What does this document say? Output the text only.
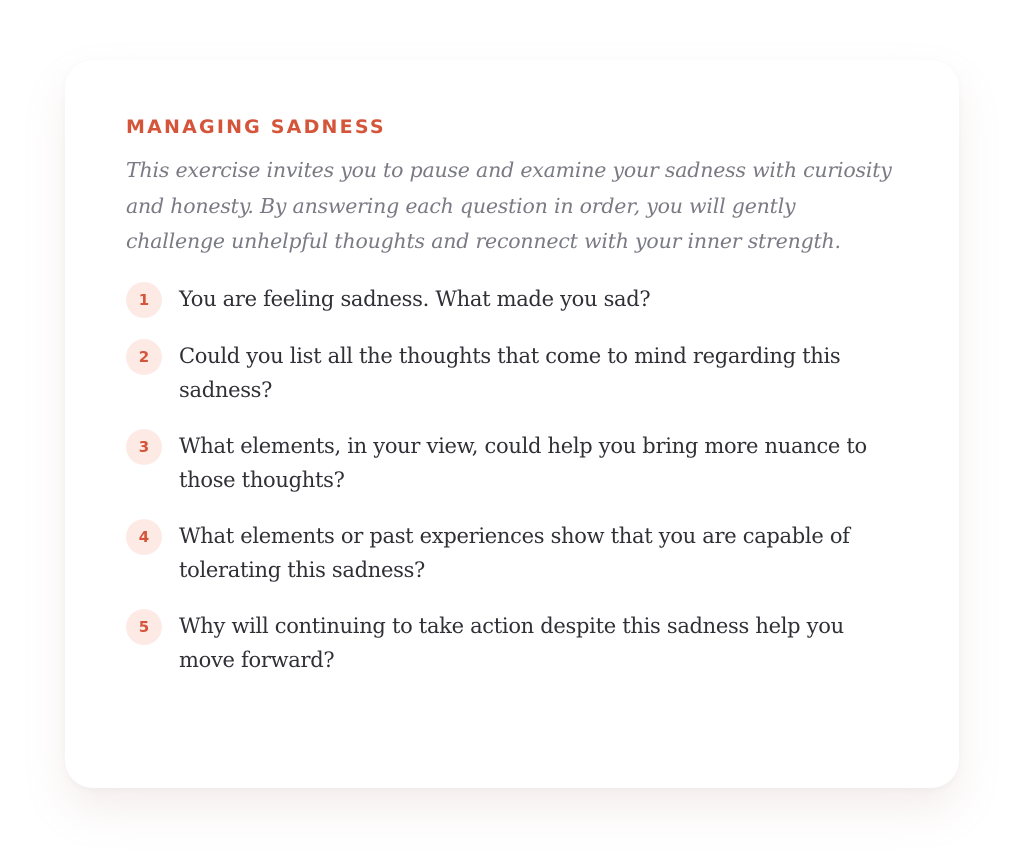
MANAGING SADNESS

This exercise invites you to pause and examine your sadness with curiosity and honesty. By answering each question in order, you will gently challenge unhelpful thoughts and reconnect with your inner strength.

1	You are feeling sadness. What made you sad?
2	Could you list all the thoughts that come to mind regarding this sadness?
3	What elements, in your view, could help you bring more nuance to those thoughts?
4	What elements or past experiences show that you are capable of tolerating this sadness?
5	Why will continuing to take action despite this sadness help you move forward?
